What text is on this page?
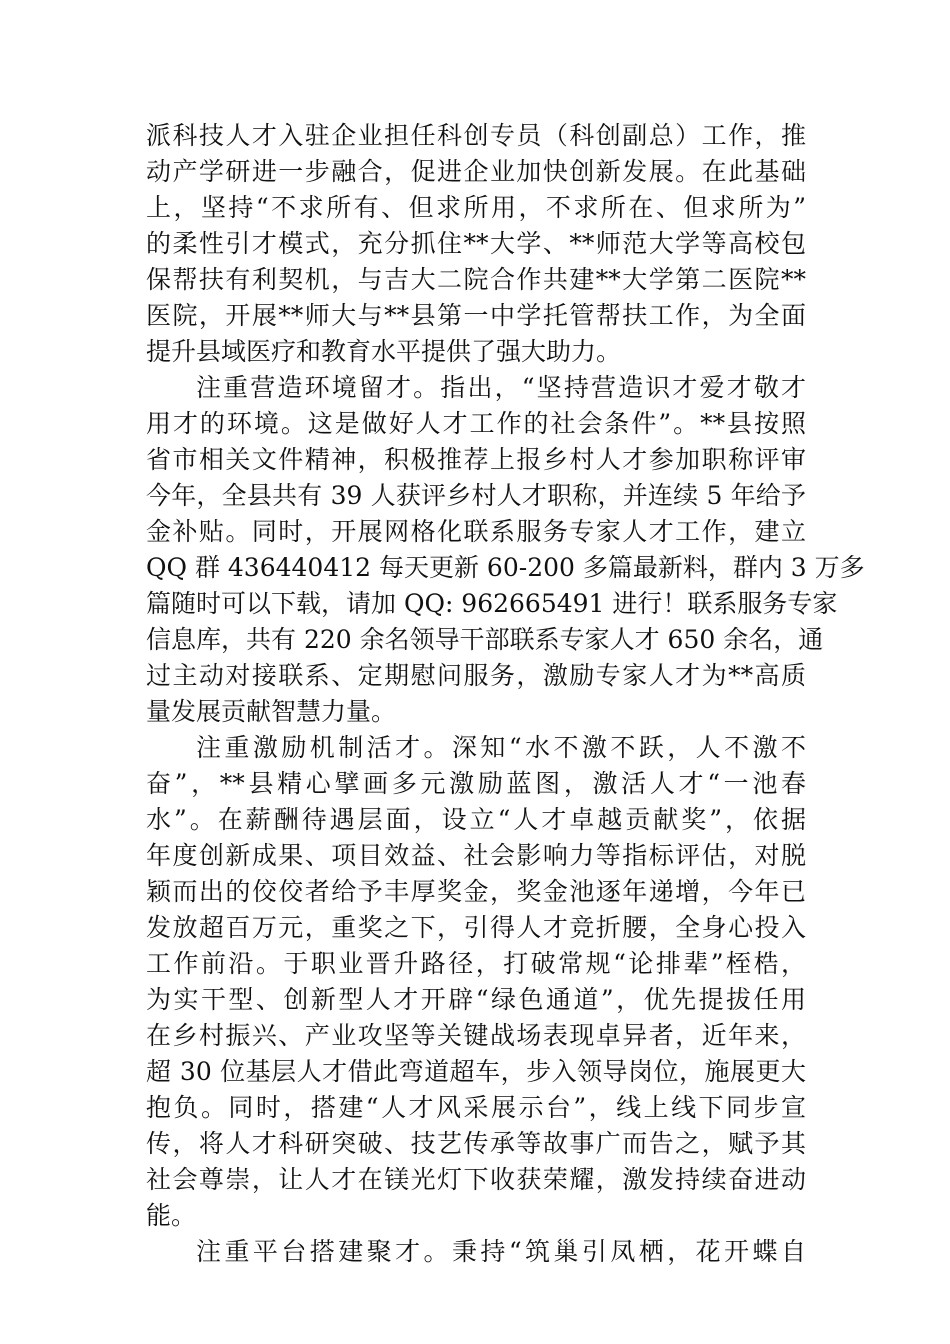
派科技人才入驻企业担任科创专员（科创副总）工作，推
动产学研进一步融合，促进企业加快创新发展。在此基础
上，坚持“不求所有、但求所用，不求所在、但求所为”
的柔性引才模式，充分抓住**大学、**师范大学等高校包
保帮扶有利契机，与吉大二院合作共建**大学第二医院**
医院，开展**师大与**县第一中学托管帮扶工作，为全面
提升县域医疗和教育水平提供了强大助力。
注重营造环境留才。指出，“坚持营造识才爱才敬才
用才的环境。这是做好人才工作的社会条件”。**县按照
省市相关文件精神，积极推荐上报乡村人才参加职称评审
今年，全县共有 39 人获评乡村人才职称，并连续 5 年给予
金补贴。同时，开展网格化联系服务专家人才工作，建立
QQ 群 436440412 每天更新 60-200 多篇最新料，群内 3 万多
篇随时可以下载，请加 QQ: 962665491 进行！联系服务专家
信息库，共有 220 余名领导干部联系专家人才 650 余名，通
过主动对接联系、定期慰问服务，激励专家人才为**高质
量发展贡献智慧力量。
注重激励机制活才。深知“水不激不跃，人不激不
奋”，**县精心擘画多元激励蓝图，激活人才“一池春
水”。在薪酬待遇层面，设立“人才卓越贡献奖”，依据
年度创新成果、项目效益、社会影响力等指标评估，对脱
颖而出的佼佼者给予丰厚奖金，奖金池逐年递增，今年已
发放超百万元，重奖之下，引得人才竞折腰，全身心投入
工作前沿。于职业晋升路径，打破常规“论排辈”桎梏，
为实干型、创新型人才开辟“绿色通道”，优先提拔任用
在乡村振兴、产业攻坚等关键战场表现卓异者，近年来，
超 30 位基层人才借此弯道超车，步入领导岗位，施展更大
抱负。同时，搭建“人才风采展示台”，线上线下同步宣
传，将人才科研突破、技艺传承等故事广而告之，赋予其
社会尊崇，让人才在镁光灯下收获荣耀，激发持续奋进动
能。
注重平台搭建聚才。秉持“筑巢引凤栖，花开蝶自
